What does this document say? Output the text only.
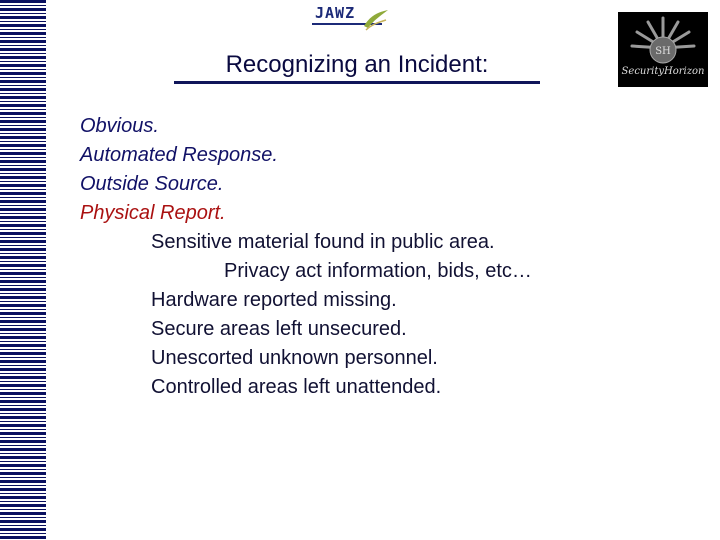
JAWZ
SH
SecurityHorizon
Recognizing an Incident:
Obvious.
Automated Response.
Outside Source.
Physical Report.
Sensitive material found in public area.
Privacy act information, bids, etc…
Hardware reported missing.
Secure areas left unsecured.
Unescorted unknown personnel.
Controlled areas left unattended.
